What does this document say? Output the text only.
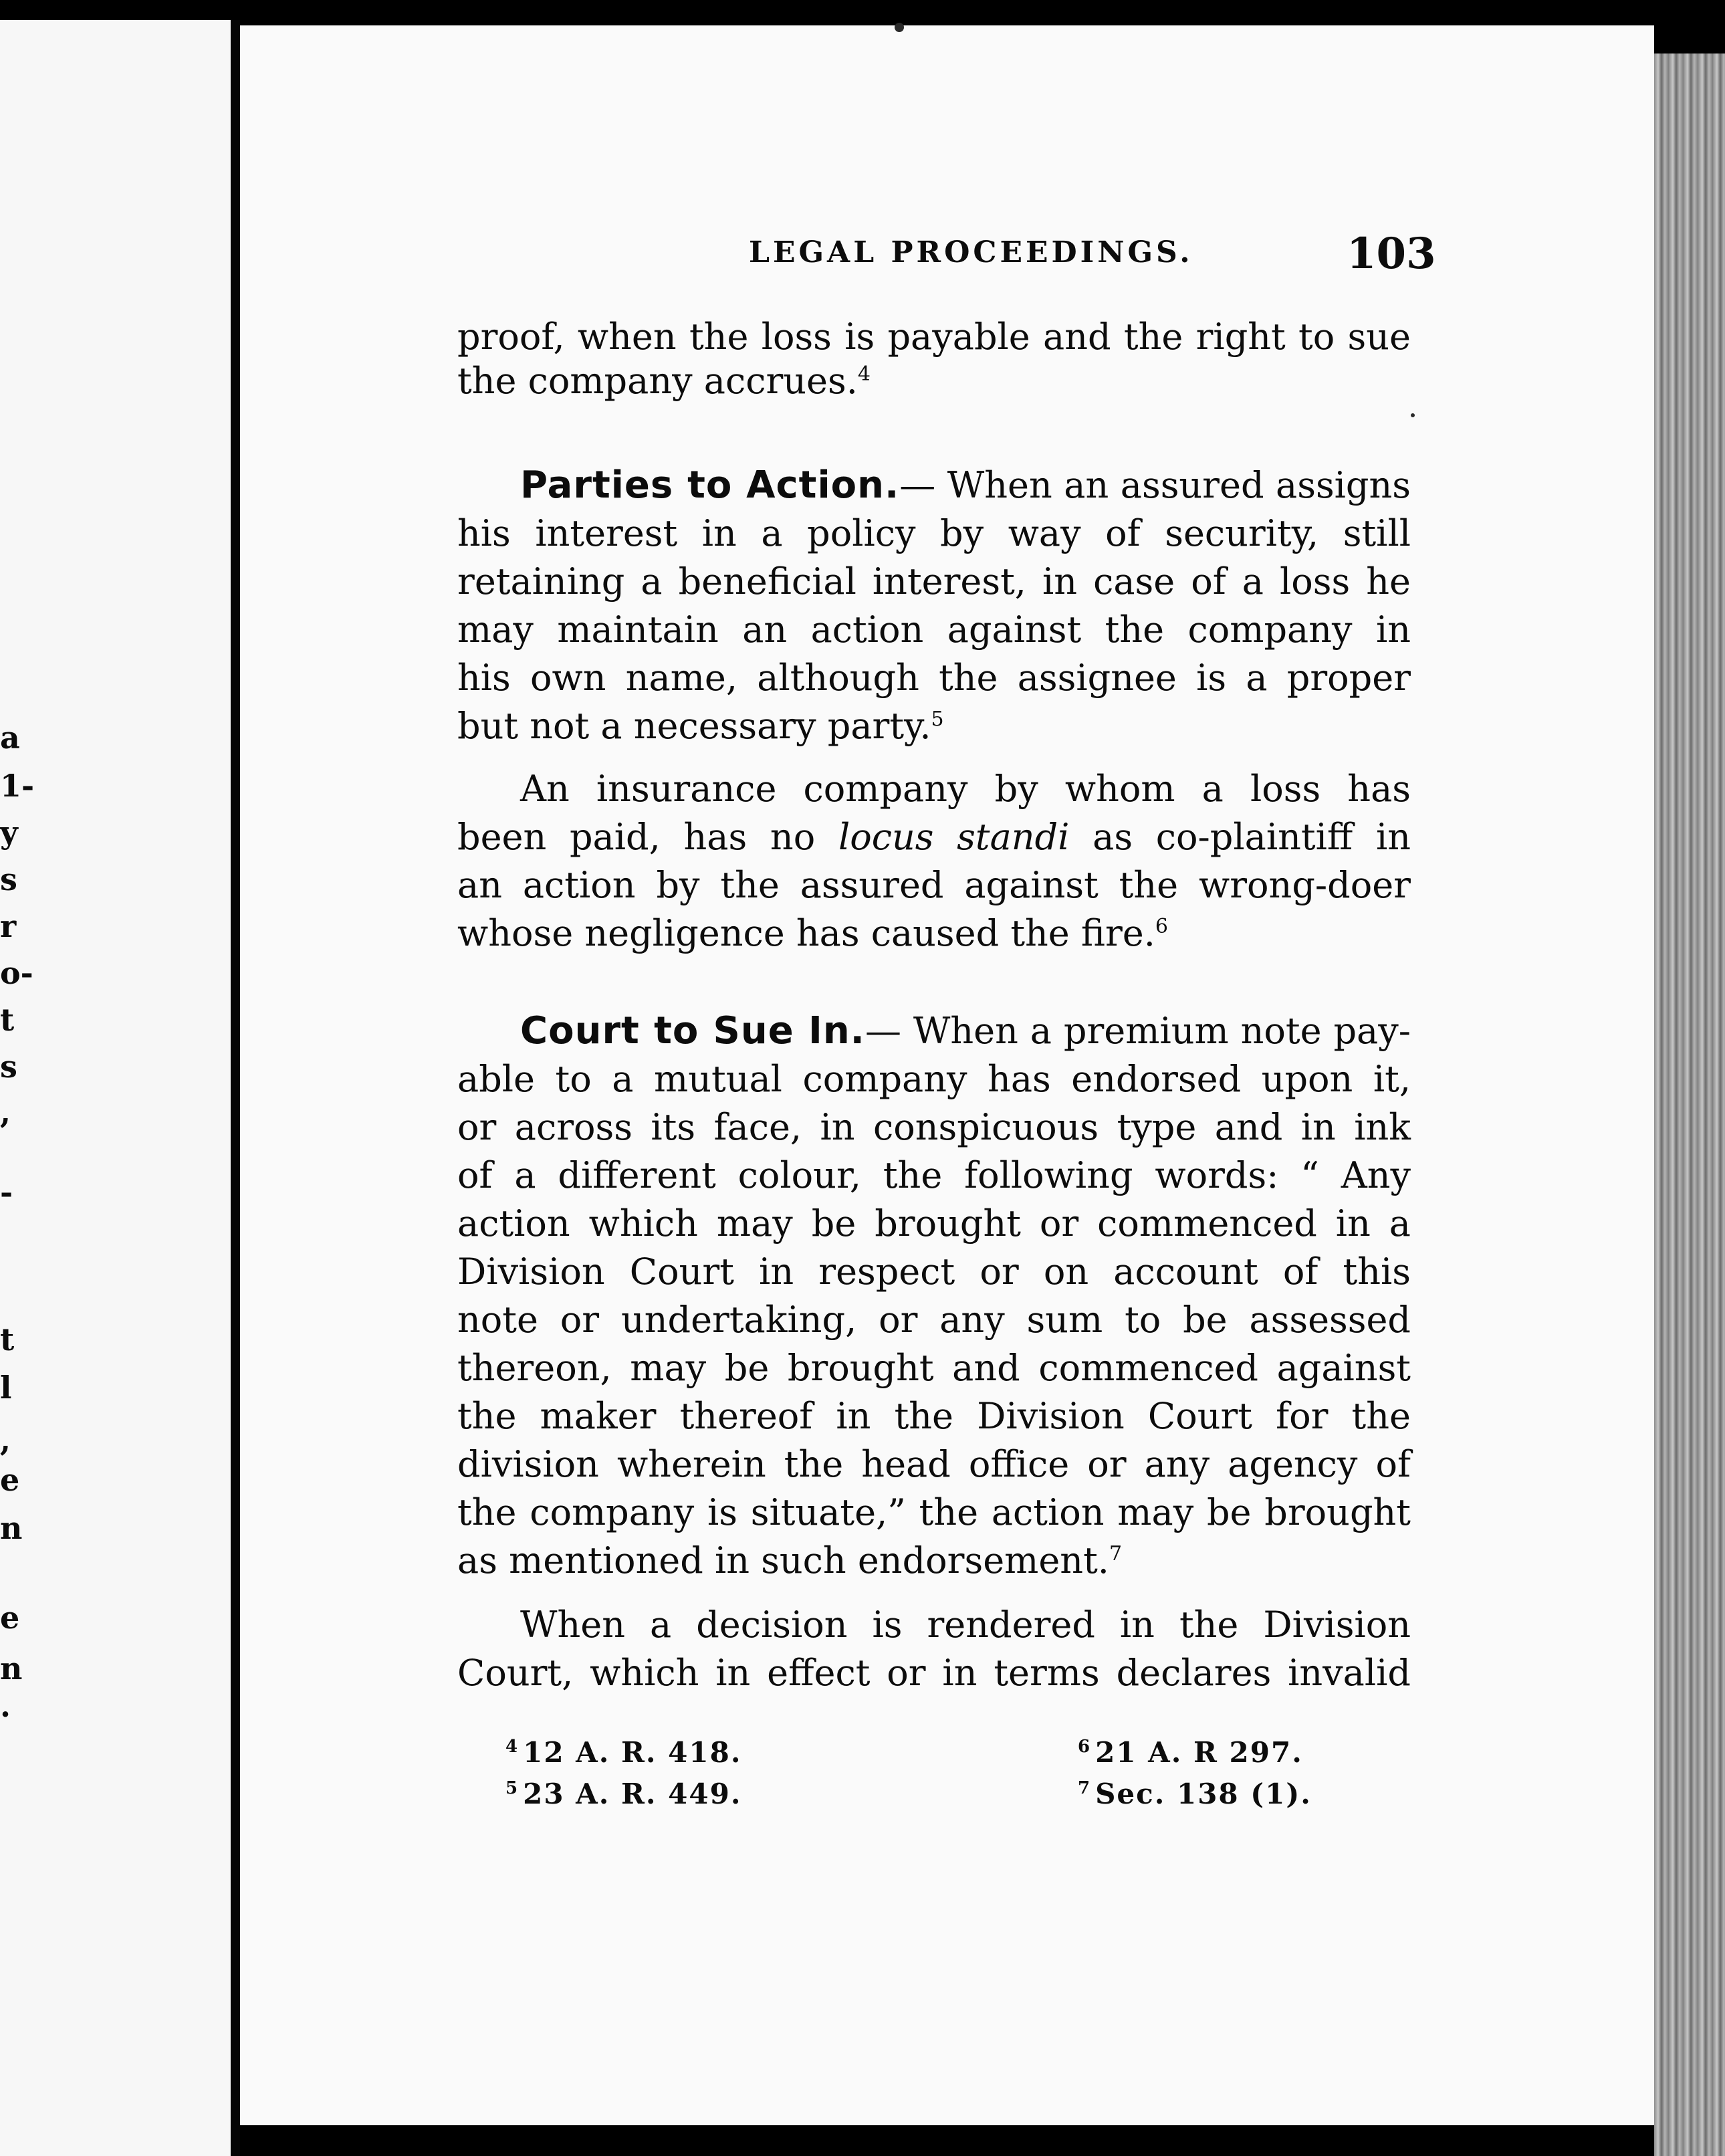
a
1-
y
s
r
o-
t
s
,
-
t
l
,
e
n
e
n
.
LEGAL PROCEEDINGS.	103
proof, when the loss is payable and the right to sue
the company accrues.$^4$
Parties to Action.— When an assured assigns
his interest in a policy by way of security, still
retaining a beneficial interest, in case of a loss he
may maintain an action against the company in
his own name, although the assignee is a proper
but not a necessary party.$^5$
An insurance company by whom a loss has
been paid, has no locus standi as co-plaintiff in
an action by the assured against the wrong-doer
whose negligence has caused the fire.$^6$
Court to Sue In.— When a premium note pay-
able to a mutual company has endorsed upon it,
or across its face, in conspicuous type and in ink
of a different colour, the following words: “ Any
action which may be brought or commenced in a
Division Court in respect or on account of this
note or undertaking, or any sum to be assessed
thereon, may be brought and commenced against
the maker thereof in the Division Court for the
division wherein the head office or any agency of
the company is situate,” the action may be brought
as mentioned in such endorsement.$^7$
When a decision is rendered in the Division
Court, which in effect or in terms declares invalid
$^4$ 12 A. R. 418.
$^5$ 23 A. R. 449.
$^6$ 21 A. R 297.
$^7$ Sec. 138 (1).
